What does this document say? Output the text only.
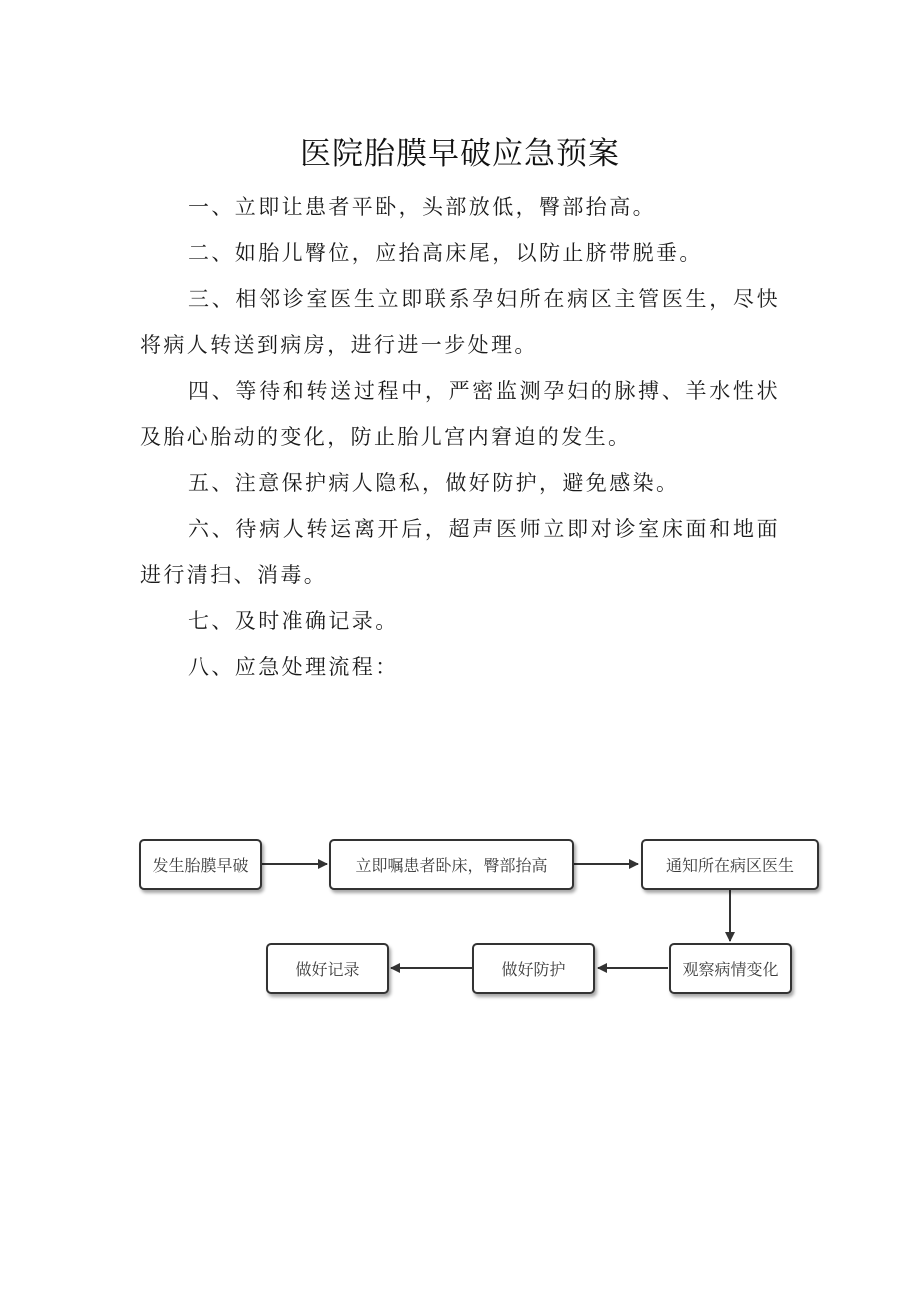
医院胎膜早破应急预案
一、立即让患者平卧，头部放低，臀部抬高。
二、如胎儿臀位，应抬高床尾，以防止脐带脱垂。
三、相邻诊室医生立即联系孕妇所在病区主管医生，尽快将病人转送到病房，进行进一步处理。
四、等待和转送过程中，严密监测孕妇的脉搏、羊水性状及胎心胎动的变化，防止胎儿宫内窘迫的发生。
五、注意保护病人隐私，做好防护，避免感染。
六、待病人转运离开后，超声医师立即对诊室床面和地面进行清扫、消毒。
七、及时准确记录。
八、应急处理流程：
发生胎膜早破	立即嘱患者卧床，臀部抬高	通知所在病区医生
观察病情变化
做好防护
做好记录
